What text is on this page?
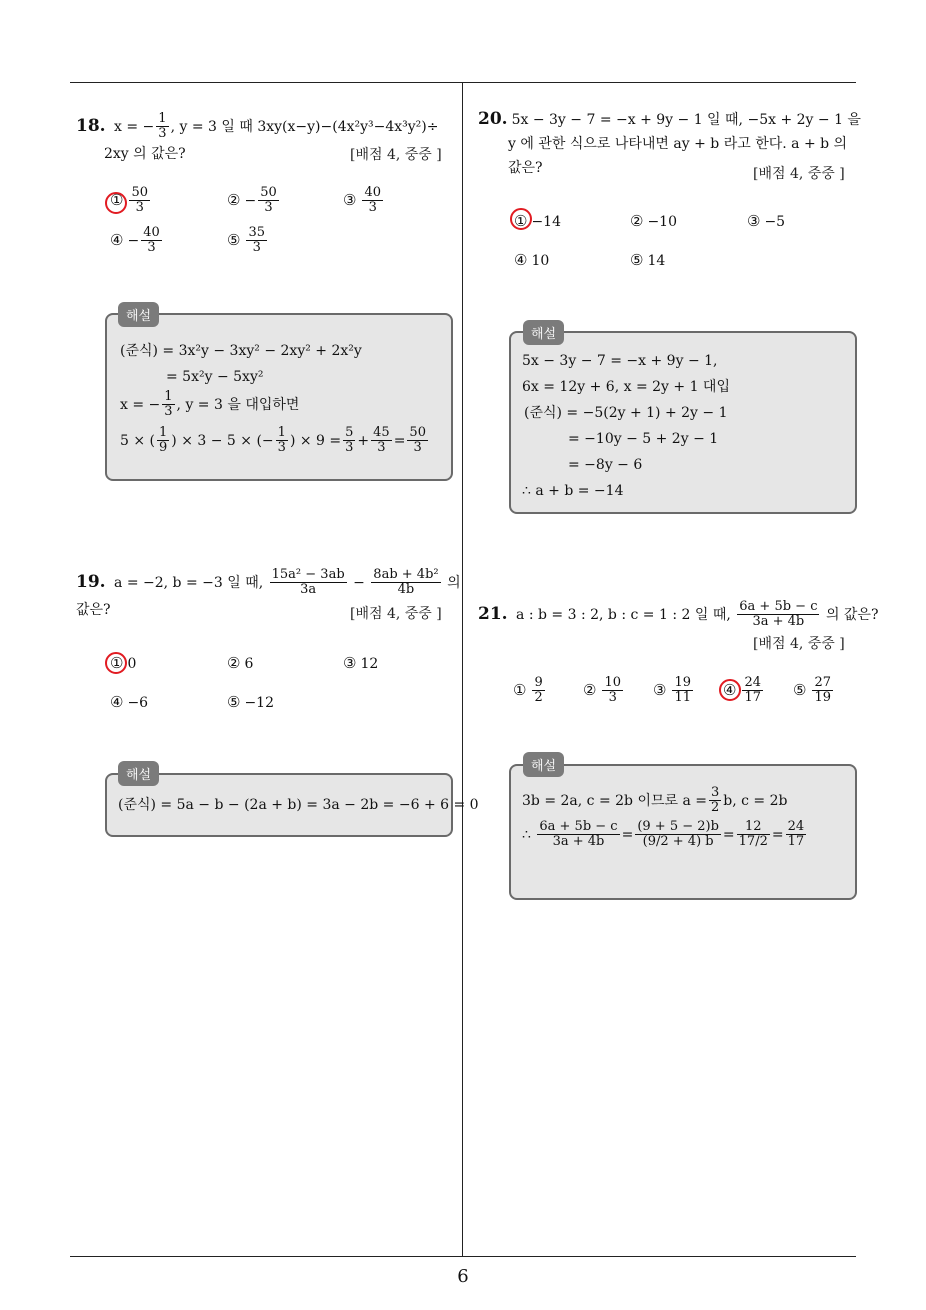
18. x = − $\frac{1}{3}$ , y = 3 일 때 3xy(x−y)−(4x²y³−4x³y²)÷
2xy 의 값은?	[배점 4, 중중 ]
① $\frac{50}{3}$	② − $\frac{50}{3}$	③ $\frac{40}{3}$
④ − $\frac{40}{3}$	⑤ $\frac{35}{3}$
해설
(준식) = 3x²y − 3xy² − 2xy² + 2x²y
= 5x²y − 5xy²
x = − $\frac{1}{3}$ , y = 3 을 대입하면
5 × ( $\frac{1}{9}$ ) × 3 − 5 × (− $\frac{1}{3}$ ) × $9 = \frac{5}{3} + \frac{45}{3} = \frac{50}{3}$
19. a = −2, b = −3 일 때, $\frac{\text{15a² − 3ab}}{3a} - \frac{\text{8ab + 4b²}}{4b}$ 의
값은?	[배점 4, 중중 ]
① 0	② 6	③ 12
④ −6	⑤ −12
해설
(준식) = 5a − b − (2a + b) = 3a − 2b = −6 + 6 = 0
20. 5x − 3y − 7 = −x + 9y − 1 일 때, −5x + 2y − 1 을
y 에 관한 식으로 나타내면 ay + b 라고 한다. a + b 의
값은?	[배점 4, 중중 ]
① −14	② −10	③ −5
④ 10	⑤ 14
해설
5x − 3y − 7 = −x + 9y − 1,
6x = 12y + 6, x = 2y + 1 대입
(준식) = −5(2y + 1) + 2y − 1
= −10y − 5 + 2y − 1
= −8y − 6
∴ a + b = −14
21. a : b = 3 : 2, b : c = 1 : 2 일 때, $\frac{6a + 5b - c}{3a + 4b}$ 의 값은?
[배점 4, 중중 ]
① $\frac{9}{2}$	② $\frac{10}{3}$ ③ $\frac{19}{11}$ ④ $\frac{24}{17}$ ⑤ $\frac{27}{19}$
해설
3b = 2a, c = 2b 이므로 $a = \frac{3}{2} b$, c = 2b
∴ $\frac{6a + 5b - c}{3a + 4b} = \frac{(9 + 5 - 2)b}{(9/2 + 4) b} = \frac{12}{17/2} = \frac{24}{17}$
6
